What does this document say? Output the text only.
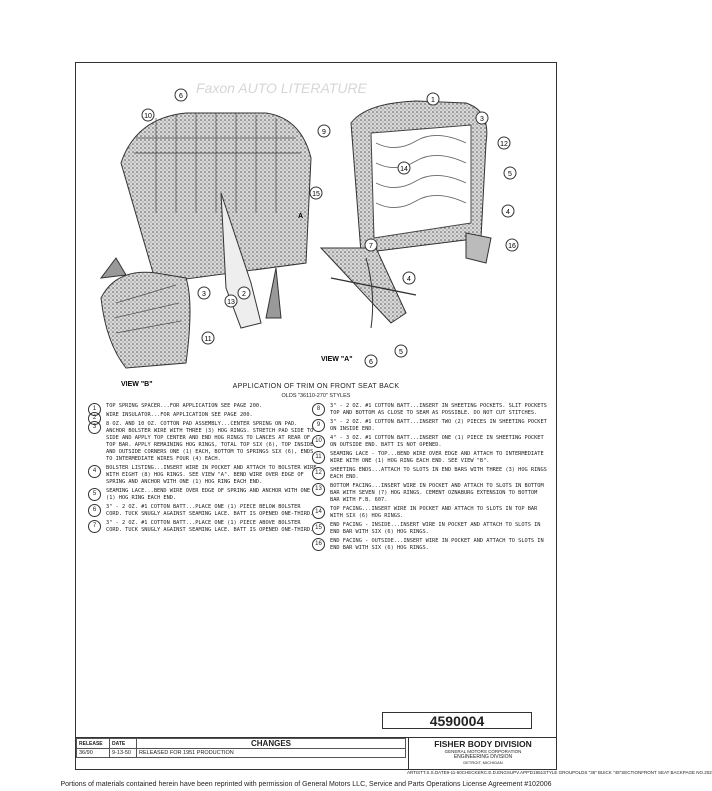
10
6
9
15
A
3
13
2
1
3
12
14
5
4
16
7
4
6
5
11
VIEW "A"
VIEW "B"
Faxon AUTO LITERATURE
APPLICATION OF TRIM ON FRONT SEAT BACK
OLDS "36110-270" STYLES
1	TOP SPRING SPACER...FOR APPLICATION SEE PAGE 200.
2	WIRE INSULATOR...FOR APPLICATION SEE PAGE 200.
3	8 OZ. AND 10 OZ. COTTON PAD ASSEMBLY...CENTER SPRING ON PAD. ANCHOR BOLSTER WIRE WITH THREE (3) HOG RINGS. STRETCH PAD SIDE TO SIDE AND APPLY TOP CENTER AND END HOG RINGS TO LANCES AT REAR OF TOP BAR. APPLY REMAINING HOG RINGS, TOTAL TOP SIX (6), TOP INSIDE AND OUTSIDE CORNERS ONE (1) EACH, BOTTOM TO SPRINGS SIX (6), ENDS TO INTERMEDIATE WIRES FOUR (4) EACH.
4	BOLSTER LISTING...INSERT WIRE IN POCKET AND ATTACH TO BOLSTER WIRE WITH EIGHT (8) HOG RINGS. SEE VIEW "A". BEND WIRE OVER EDGE OF SPRING AND ANCHOR WITH ONE (1) HOG RING EACH END.
5	SEAMING LACE...BEND WIRE OVER EDGE OF SPRING AND ANCHOR WITH ONE (1) HOG RING EACH END.
6	3" - 2 OZ. #1 COTTON BATT...PLACE ONE (1) PIECE BELOW BOLSTER CORD. TUCK SNUGLY AGAINST SEAMING LACE. BATT IS OPENED ONE-THIRD.
7	3" - 2 OZ. #1 COTTON BATT...PLACE ONE (1) PIECE ABOVE BOLSTER CORD. TUCK SNUGLY AGAINST SEAMING LACE. BATT IS OPENED ONE-THIRD.
8	3" - 2 OZ. #1 COTTON BATT...INSERT IN SHEETING POCKETS. SLIT POCKETS TOP AND BOTTOM AS CLOSE TO SEAM AS POSSIBLE. DO NOT CUT STITCHES.
9	3" - 2 OZ. #1 COTTON BATT...INSERT TWO (2) PIECES IN SHEETING POCKET ON INSIDE END.
10	4" - 3 OZ. #1 COTTON BATT...INSERT ONE (1) PIECE IN SHEETING POCKET ON OUTSIDE END. BATT IS NOT OPENED.
11	SEAMING LACE - TOP...BEND WIRE OVER EDGE AND ATTACH TO INTERMEDIATE WIRE WITH ONE (1) HOG RING EACH END. SEE VIEW "B".
12	SHEETING ENDS...ATTACH TO SLOTS IN END BARS WITH THREE (3) HOG RINGS EACH END.
13	BOTTOM FACING...INSERT WIRE IN POCKET AND ATTACH TO SLOTS IN BOTTOM BAR WITH SEVEN (7) HOG RINGS. CEMENT OZNABURG EXTENSION TO BOTTOM BAR WITH F.B. 607.
14	TOP FACING...INSERT WIRE IN POCKET AND ATTACH TO SLOTS IN TOP BAR WITH SIX (6) HOG RINGS.
15	END FACING - INSIDE...INSERT WIRE IN POCKET AND ATTACH TO SLOTS IN END BAR WITH SIX (6) HOG RINGS.
16	END FACING - OUTSIDE...INSERT WIRE IN POCKET AND ATTACH TO SLOTS IN END BAR WITH SIX (6) HOG RINGS.
4590004
RELEASE	DATE	CHANGES
36/90	9-13-50	RELEASED FOR 1951 PRODUCTION
FISHER BODY DIVISION
GENERAL MOTORS CORPORATION
ENGINEERING DIVISION
DETROIT, MICHIGAN
ARTIST T.S.S. DATE 9-11-50 CHECKER C.E.D. ENG SUPV. APP'D 1951 STYLE GROUP OLDS "36" BUICK "45" SECTION FRONT SEAT BACK PAGE NO. 202
Portions of materials contained herein have been reprinted with permission of General Motors LLC, Service and Parts Operations License Agreement #102006
